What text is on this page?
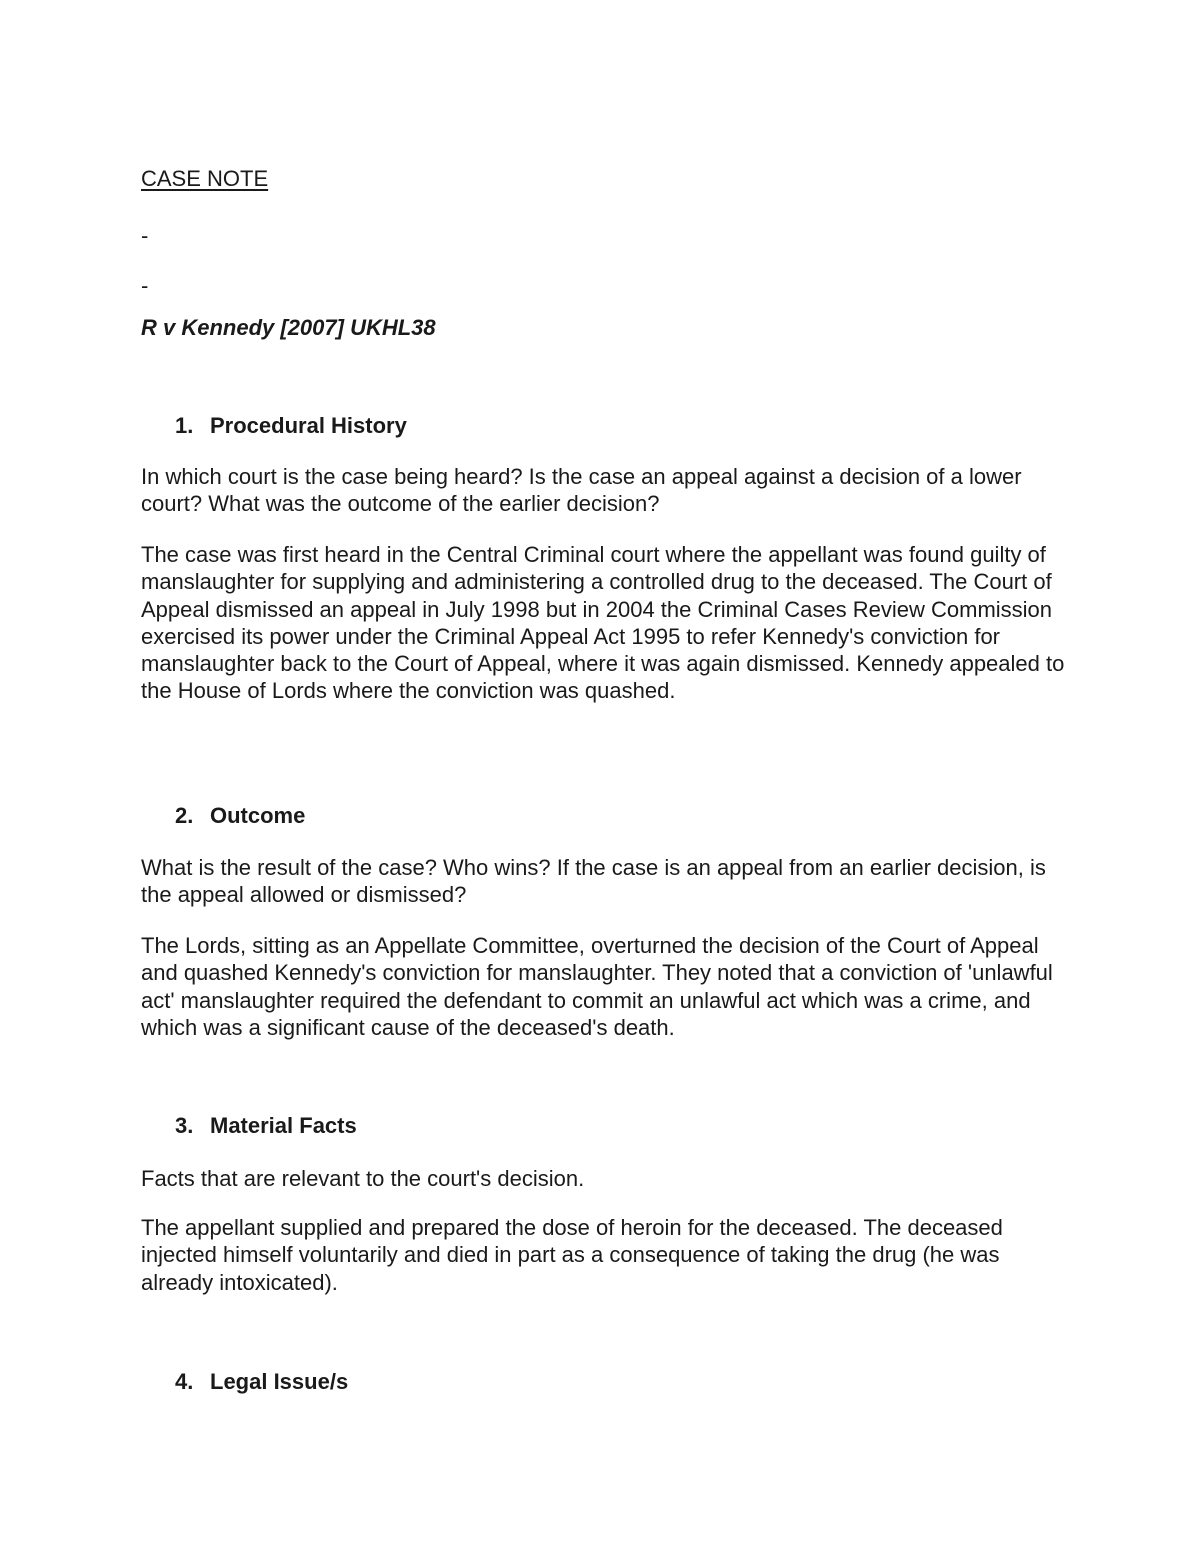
CASE NOTE

-

-

R v Kennedy [2007] UKHL38

1. Procedural History

In which court is the case being heard? Is the case an appeal against a decision of a lower court? What was the outcome of the earlier decision?

The case was first heard in the Central Criminal court where the appellant was found guilty of manslaughter for supplying and administering a controlled drug to the deceased. The Court of Appeal dismissed an appeal in July 1998 but in 2004 the Criminal Cases Review Commission exercised its power under the Criminal Appeal Act 1995 to refer Kennedy's conviction for manslaughter back to the Court of Appeal, where it was again dismissed. Kennedy appealed to the House of Lords where the conviction was quashed.

2. Outcome

What is the result of the case? Who wins? If the case is an appeal from an earlier decision, is the appeal allowed or dismissed?

The Lords, sitting as an Appellate Committee, overturned the decision of the Court of Appeal and quashed Kennedy's conviction for manslaughter. They noted that a conviction of 'unlawful act' manslaughter required the defendant to commit an unlawful act which was a crime, and which was a significant cause of the deceased's death.

3. Material Facts

Facts that are relevant to the court's decision.

The appellant supplied and prepared the dose of heroin for the deceased. The deceased injected himself voluntarily and died in part as a consequence of taking the drug (he was already intoxicated).

4. Legal Issue/s
